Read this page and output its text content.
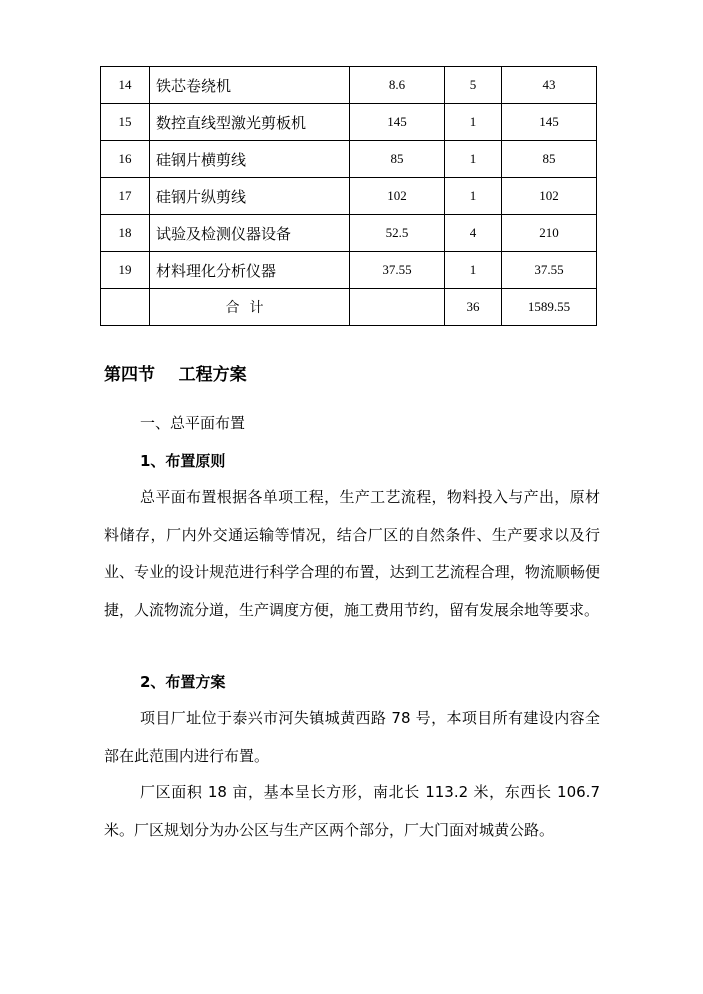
14	铁芯卷绕机	8.6	5	43
15	数控直线型激光剪板机	145	1	145
16	硅钢片横剪线	85	1	85
17	硅钢片纵剪线	102	1	102
18	试验及检测仪器设备	52.5	4	210
19	材料理化分析仪器	37.55	1	37.55
	合计		36	1589.55
第四节    工程方案
一、总平面布置
1、布置原则
总平面布置根据各单项工程，生产工艺流程，物料投入与产出，原材料储存，厂内外交通运输等情况，结合厂区的自然条件、生产要求以及行业、专业的设计规范进行科学合理的布置，达到工艺流程合理，物流顺畅便捷，人流物流分道，生产调度方便，施工费用节约，留有发展余地等要求。
2、布置方案
项目厂址位于泰兴市河失镇城黄西路 78 号，本项目所有建设内容全部在此范围内进行布置。
厂区面积 18 亩，基本呈长方形，南北长 113.2 米，东西长 106.7 米。厂区规划分为办公区与生产区两个部分，厂大门面对城黄公路。
